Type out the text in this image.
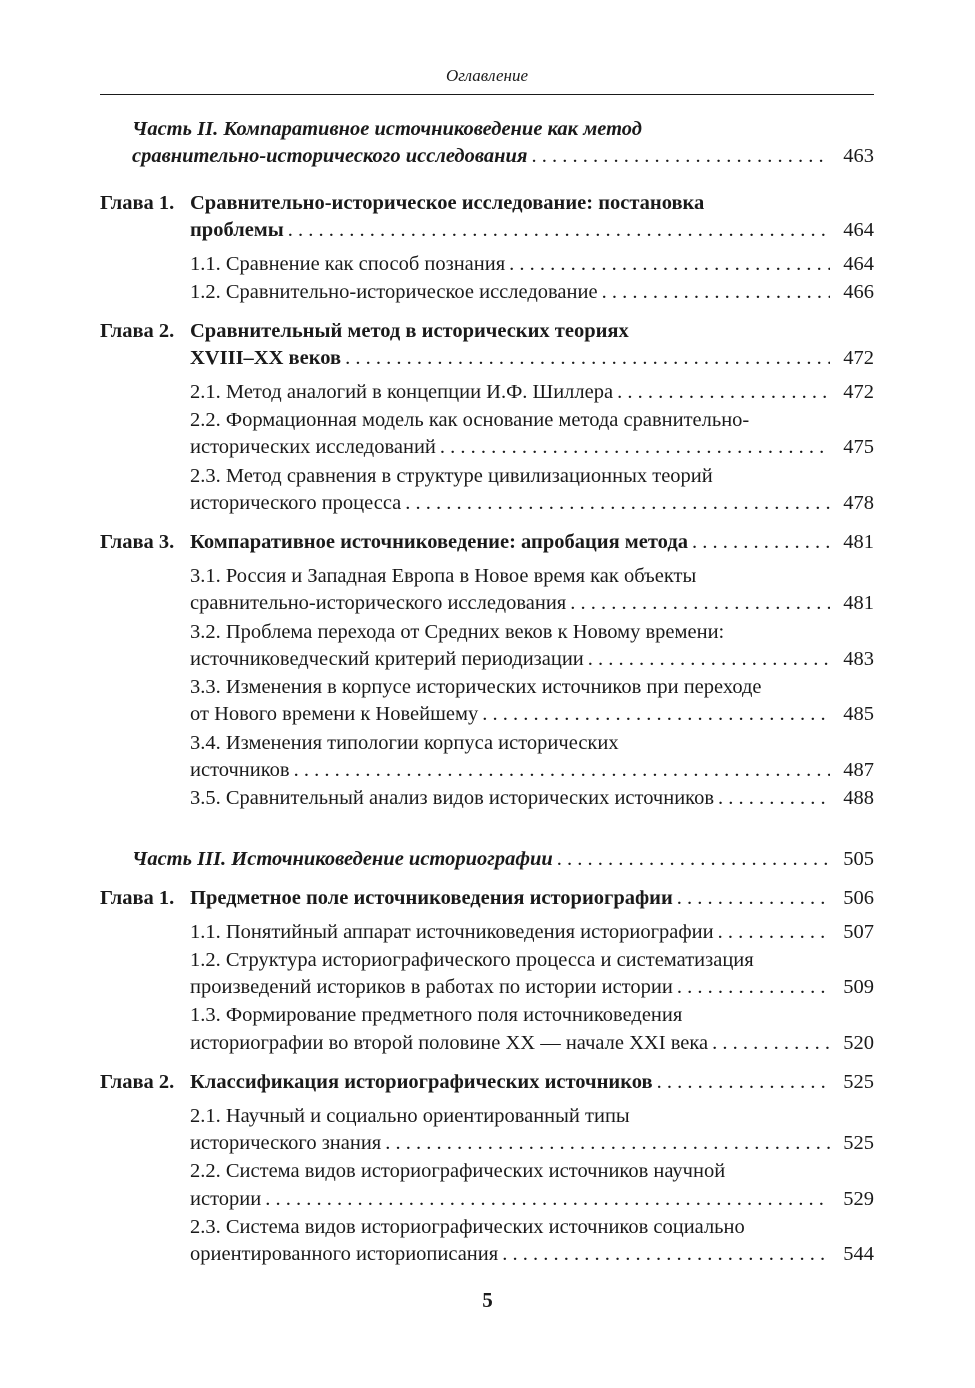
Оглавление
Часть II. Компаративное источниковедение как метод
сравнительно-исторического исследования . . .	463
Глава 1. Сравнительно-историческое исследование: постановка
проблемы . . .	464
1.1. Сравнение как способ познания . . .	464
1.2. Сравнительно-историческое исследование . . .	466
Глава 2. Сравнительный метод в исторических теориях
XVIII–XX веков . . .	472
2.1. Метод аналогий в концепции И.Ф. Шиллера . . .	472
2.2. Формационная модель как основание метода сравнительно-
исторических исследований . . .	475
2.3. Метод сравнения в структуре цивилизационных теорий
исторического процесса . . .	478
Глава 3. Компаративное источниковедение: апробация метода . . .	481
3.1. Россия и Западная Европа в Новое время как объекты
сравнительно-исторического исследования . . .	481
3.2. Проблема перехода от Средних веков к Новому времени:
источниковедческий критерий периодизации . . .	483
3.3. Изменения в корпусе исторических источников при переходе
от Нового времени к Новейшему . . .	485
3.4. Изменения типологии корпуса исторических
источников . . .	487
3.5. Сравнительный анализ видов исторических источников . . .	488
Часть III. Источниковедение историографии . . .	505
Глава 1. Предметное поле источниковедения историографии . . .	506
1.1. Понятийный аппарат источниковедения историографии . . .	507
1.2. Структура историографического процесса и систематизация
произведений историков в работах по истории истории . . .	509
1.3. Формирование предметного поля источниковедения
историографии во второй половине XX — начале XXI века . . .	520
Глава 2. Классификация историографических источников . . .	525
2.1. Научный и социально ориентированный типы
исторического знания . . .	525
2.2. Система видов историографических источников научной
истории . . .	529
2.3. Система видов историографических источников социально
ориентированного историописания . . .	544
5
